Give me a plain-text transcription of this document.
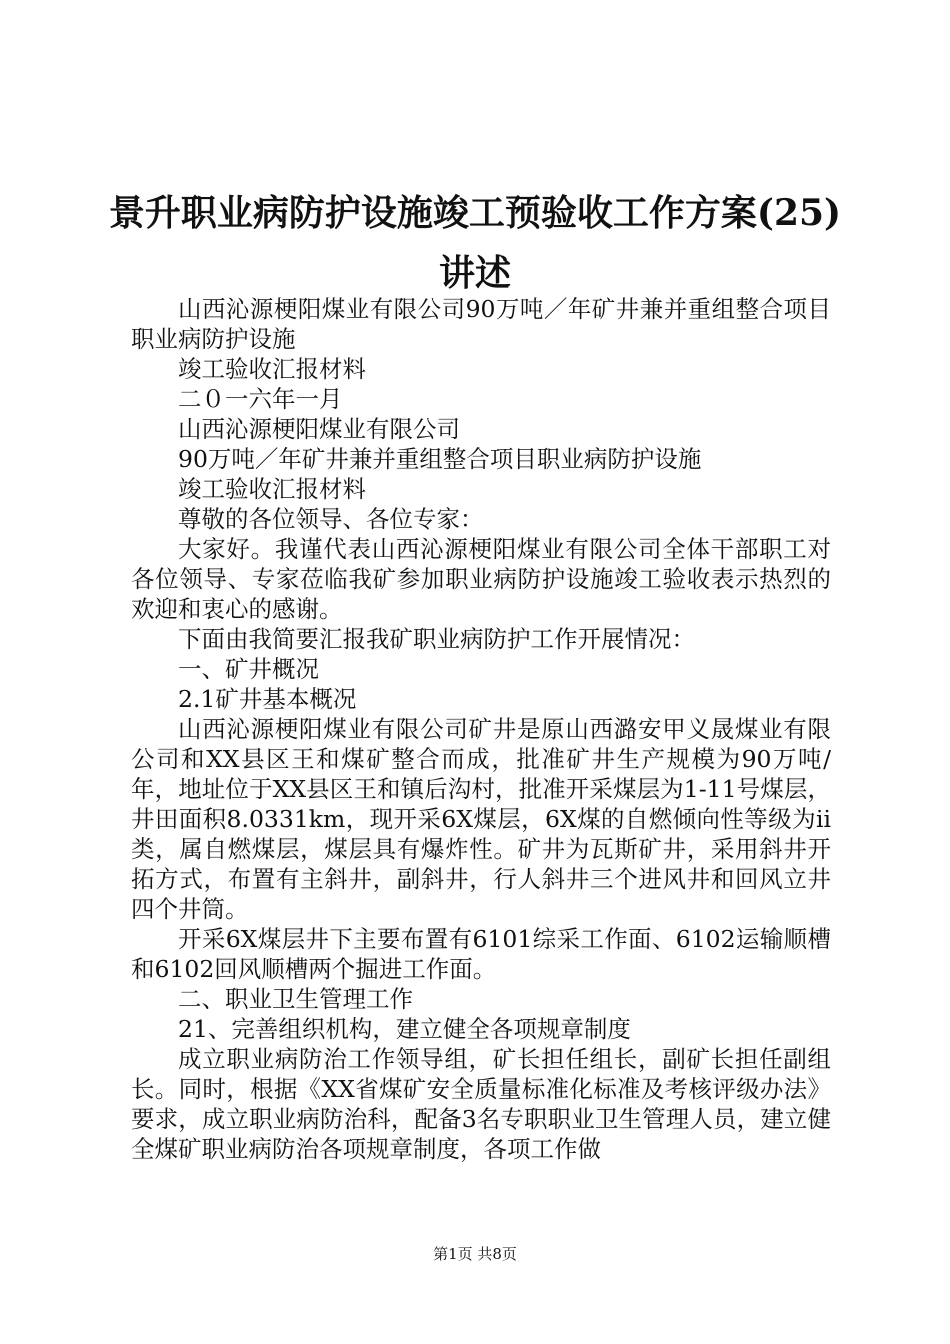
景升职业病防护设施竣工预验收工作方案(25)
讲述

山西沁源梗阳煤业有限公司90万吨／年矿井兼并重组整合项目职业病防护设施

竣工验收汇报材料

二０一六年一月

山西沁源梗阳煤业有限公司

90万吨／年矿井兼并重组整合项目职业病防护设施

竣工验收汇报材料

尊敬的各位领导、各位专家：

大家好。我谨代表山西沁源梗阳煤业有限公司全体干部职工对各位领导、专家莅临我矿参加职业病防护设施竣工验收表示热烈的欢迎和衷心的感谢。

下面由我简要汇报我矿职业病防护工作开展情况：

一、矿井概况

2.1矿井基本概况

山西沁源梗阳煤业有限公司矿井是原山西潞安甲义晟煤业有限公司和XX县区王和煤矿整合而成，批准矿井生产规模为90万吨/年，地址位于XX县区王和镇后沟村，批准开采煤层为1-11号煤层，井田面积8.0331km，现开采6X煤层，6X煤的自燃倾向性等级为ii类，属自燃煤层，煤层具有爆炸性。矿井为瓦斯矿井，采用斜井开拓方式，布置有主斜井，副斜井，行人斜井三个进风井和回风立井四个井筒。

开采6X煤层井下主要布置有6101综采工作面、6102运输顺槽和6102回风顺槽两个掘进工作面。

二、职业卫生管理工作

21、完善组织机构，建立健全各项规章制度

成立职业病防治工作领导组，矿长担任组长，副矿长担任副组长。同时，根据《XX省煤矿安全质量标准化标准及考核评级办法》要求，成立职业病防治科，配备3名专职职业卫生管理人员，建立健全煤矿职业病防治各项规章制度，各项工作做

第1页 共8页
